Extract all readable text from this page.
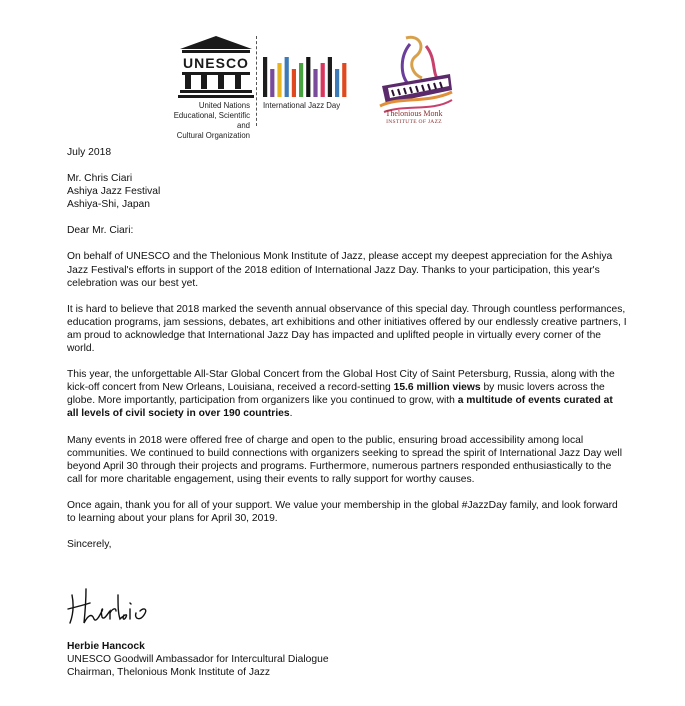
UNESCO
United Nations
Educational, Scientific and
Cultural Organization
International Jazz Day
Thelonious Monk
INSTITUTE OF JAZZ

July 2018

Mr. Chris Ciari
Ashiya Jazz Festival
Ashiya-Shi, Japan

Dear Mr. Ciari:

On behalf of UNESCO and the Thelonious Monk Institute of Jazz, please accept my deepest appreciation for the Ashiya Jazz Festival's efforts in support of the 2018 edition of International Jazz Day. Thanks to your participation, this year's celebration was our best yet.

It is hard to believe that 2018 marked the seventh annual observance of this special day. Through countless performances, education programs, jam sessions, debates, art exhibitions and other initiatives offered by our endlessly creative partners, I am proud to acknowledge that International Jazz Day has impacted and uplifted people in virtually every corner of the world.

This year, the unforgettable All-Star Global Concert from the Global Host City of Saint Petersburg, Russia, along with the kick-off concert from New Orleans, Louisiana, received a record-setting 15.6 million views by music lovers across the globe. More importantly, participation from organizers like you continued to grow, with a multitude of events curated at all levels of civil society in over 190 countries.

Many events in 2018 were offered free of charge and open to the public, ensuring broad accessibility among local communities. We continued to build connections with organizers seeking to spread the spirit of International Jazz Day well beyond April 30 through their projects and programs. Furthermore, numerous partners responded enthusiastically to the call for more charitable engagement, using their events to rally support for worthy causes.

Once again, thank you for all of your support. We value your membership in the global #JazzDay family, and look forward to learning about your plans for April 30, 2019.

Sincerely,

Herbie Hancock
UNESCO Goodwill Ambassador for Intercultural Dialogue
Chairman, Thelonious Monk Institute of Jazz
